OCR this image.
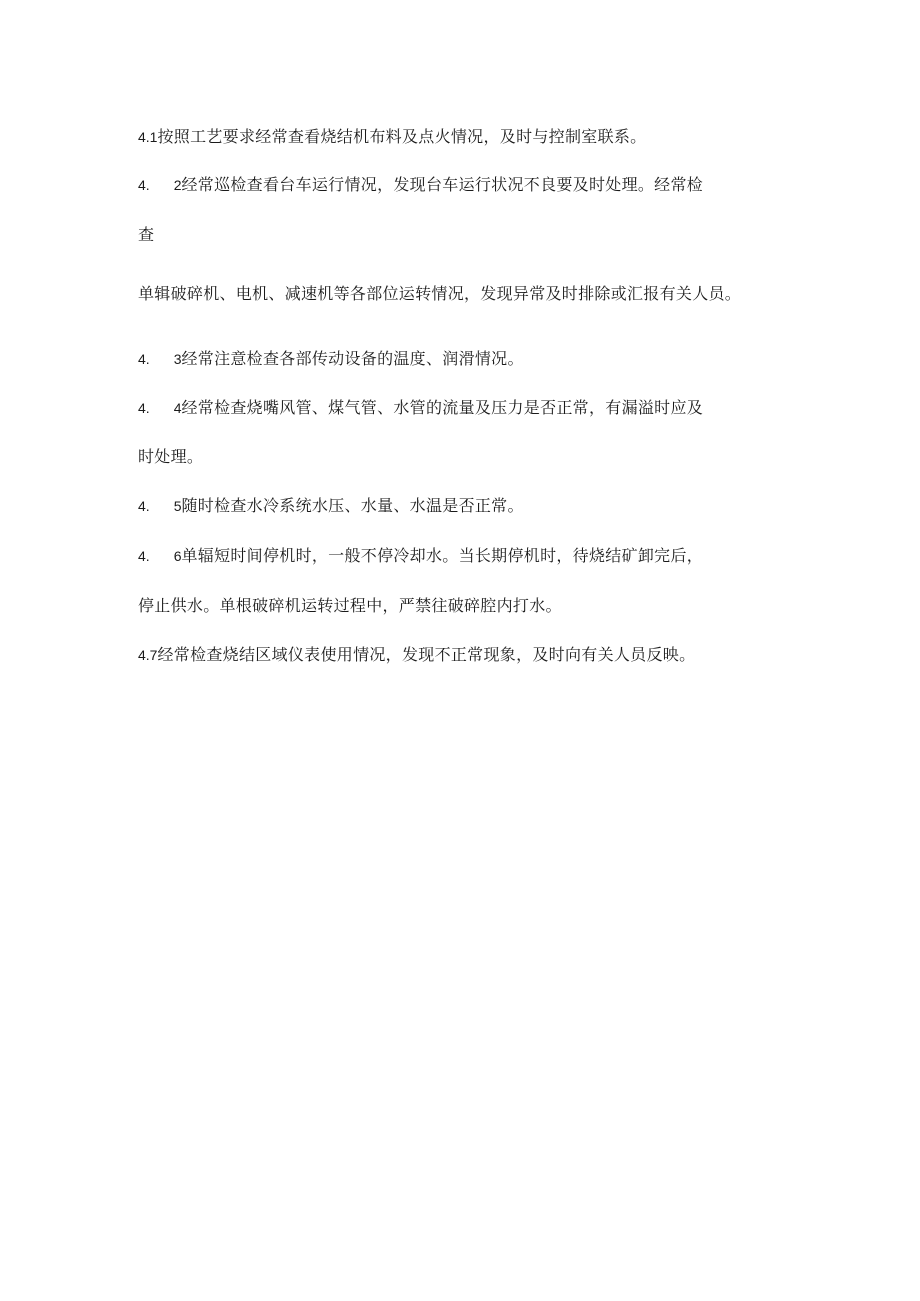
4.1按照工艺要求经常查看烧结机布料及点火情况，及时与控制室联系。
4. 2经常巡检查看台车运行情况，发现台车运行状况不良要及时处理。经常检
查
单辑破碎机、电机、减速机等各部位运转情况，发现异常及时排除或汇报有关人员。
4. 3经常注意检查各部传动设备的温度、润滑情况。
4. 4经常检查烧嘴风管、煤气管、水管的流量及压力是否正常，有漏溢时应及
时处理。
4. 5随时检查水冷系统水压、水量、水温是否正常。
4. 6单辐短时间停机时，一般不停冷却水。当长期停机时，待烧结矿卸完后，
停止供水。单根破碎机运转过程中，严禁往破碎腔内打水。
4.7经常检查烧结区域仪表使用情况，发现不正常现象，及时向有关人员反映。
